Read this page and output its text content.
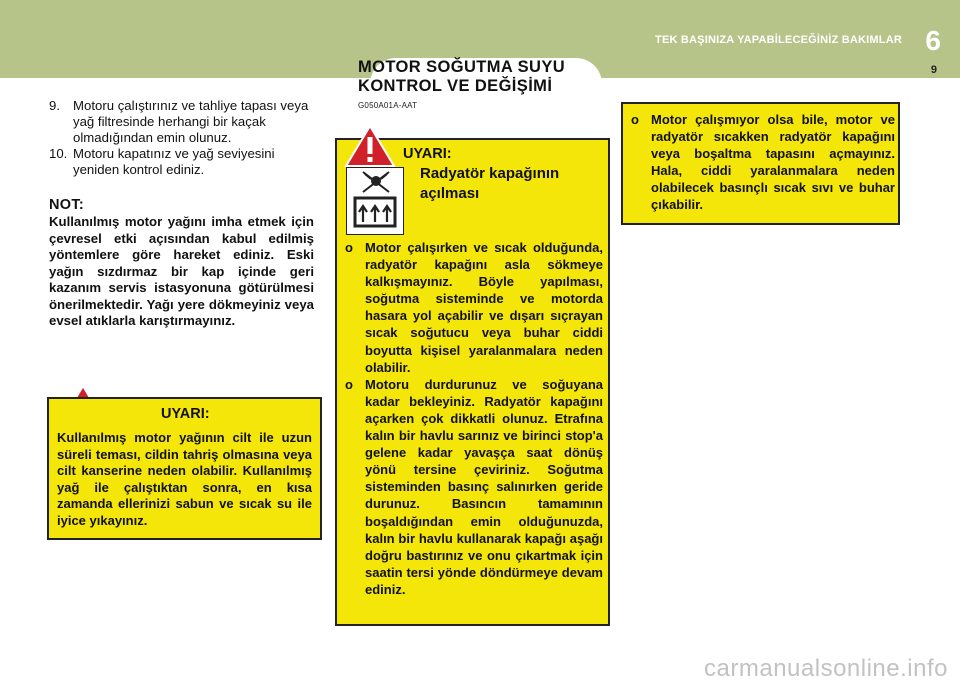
MOTOR SOĞUTMA SUYU
KONTROL VE DEĞİŞİMİ
TEK BAŞINIZA YAPABİLECEĞİNİZ BAKIMLAR 6
9
9. Motoru çalıştırınız ve tahliye tapası veya yağ filtresinde herhangi bir kaçak olmadığından emin olunuz.
10. Motoru kapatınız ve yağ seviyesini yeniden kontrol ediniz.
NOT:
Kullanılmış motor yağını imha etmek için çevresel etki açısından kabul edilmiş yöntemlere göre hareket ediniz. Eski yağın sızdırmaz bir kap içinde geri kazanım servis istasyonuna götürülmesi önerilmektedir. Yağı yere dökmeyiniz veya evsel atıklarla karıştırmayınız.
UYARI:
Kullanılmış motor yağının cilt ile uzun süreli teması, cildin tahriş olmasına veya cilt kanserine neden olabilir. Kullanılmış yağ ile çalıştıktan sonra, en kısa zamanda ellerinizi sabun ve sıcak su ile iyice yıkayınız.
G050A01A-AAT
UYARI:
Radyatör kapağının
açılması
o Motor çalışırken ve sıcak olduğunda, radyatör kapağını asla sökmeye kalkışmayınız. Böyle yapılması, soğutma sisteminde ve motorda hasara yol açabilir ve dışarı sıçrayan sıcak soğutucu veya buhar ciddi boyutta kişisel yaralanmalara neden olabilir.
o Motoru durdurunuz ve soğuyana kadar bekleyiniz. Radyatör kapağını açarken çok dikkatli olunuz. Etrafına kalın bir havlu sarınız ve birinci stop'a gelene kadar yavaşça saat dönüş yönü tersine çeviriniz. Soğutma sisteminden basınç salınırken geride durunuz. Basıncın tamamının boşaldığından emin olduğunuzda, kalın bir havlu kullanarak kapağı aşağı doğru bastırınız ve onu çıkartmak için saatin tersi yönde döndürmeye devam ediniz.
o Motor çalışmıyor olsa bile, motor ve radyatör sıcakken radyatör kapağını veya boşaltma tapasını açmayınız. Hala, ciddi yaralanmalara neden olabilecek basınçlı sıcak sıvı ve buhar çıkabilir.
carmanualsonline.info
